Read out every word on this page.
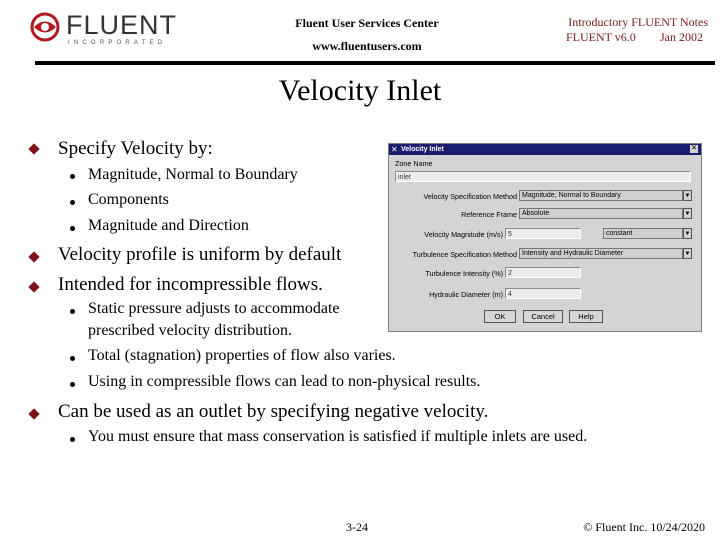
FLUENT
INCORPORATED
Fluent User Services Center
www.fluentusers.com
Introductory FLUENT Notes
FLUENT v6.0 Jan 2002
Velocity Inlet
Specify Velocity by:
Magnitude, Normal to Boundary
Components
Magnitude and Direction
Velocity profile is uniform by default
Intended for incompressible flows.
Static pressure adjusts to accommodate
prescribed velocity distribution.
Total (stagnation) properties of flow also varies.
Using in compressible flows can lead to non-physical results.
Can be used as an outlet by specifying negative velocity.
You must ensure that mass conservation is satisfied if multiple inlets are used.
✕ Velocity Inlet	✕
Zone Name
inlet
Velocity Specification Method Magnitude, Normal to Boundary	▼
Reference Frame Absolute	▼
Velocity Magnitude (m/s) 5	constant	▼
Turbulence Specification Method Intensity and Hydraulic Diameter	▼
Turbulence Intensity (%) 2
Hydraulic Diameter (m) 4
OK	Cancel	Help
3-24	© Fluent Inc. 10/24/2020
